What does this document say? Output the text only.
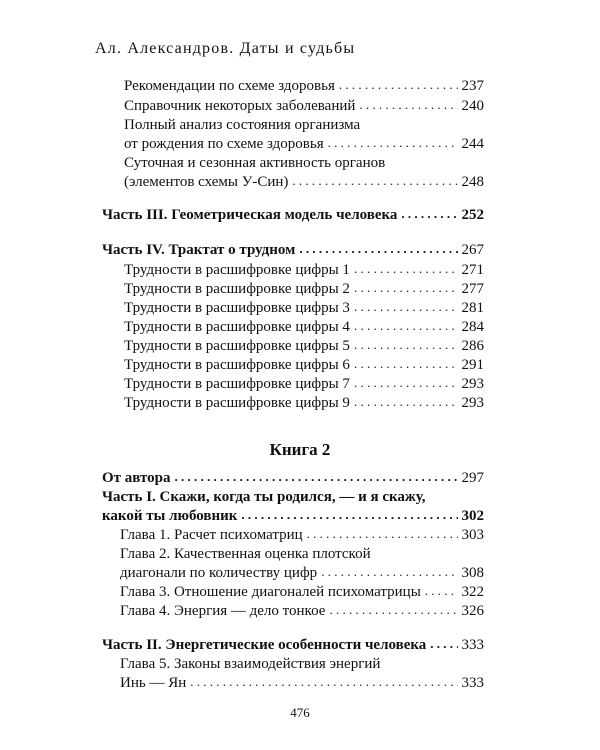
Ал. Александров. Даты и судьбы
Рекомендации по схеме здоровья . . .	237
Справочник некоторых заболеваний . . .	240
Полный анализ состояния организма
от рождения по схеме здоровья . . .	244
Суточная и сезонная активность органов
(элементов схемы У-Син) . . .	248
Часть III. Геометрическая модель человека . . .	252
Часть IV. Трактат о трудном . . .	267
Трудности в расшифровке цифры 1 . . .	271
Трудности в расшифровке цифры 2 . . .	277
Трудности в расшифровке цифры 3 . . .	281
Трудности в расшифровке цифры 4 . . .	284
Трудности в расшифровке цифры 5 . . .	286
Трудности в расшифровке цифры 6 . . .	291
Трудности в расшифровке цифры 7 . . .	293
Трудности в расшифровке цифры 9 . . .	293
Книга 2
От автора . . .	297
Часть I. Скажи, когда ты родился, — и я скажу,
какой ты любовник . . .	302
Глава 1. Расчет психоматриц . . .	303
Глава 2. Качественная оценка плотской
диагонали по количеству цифр . . .	308
Глава 3. Отношение диагоналей психоматрицы . . .	322
Глава 4. Энергия — дело тонкое . . .	326
Часть II. Энергетические особенности человека . . . 333
Глава 5. Законы взаимодействия энергий
Инь — Ян . . .	333
476
